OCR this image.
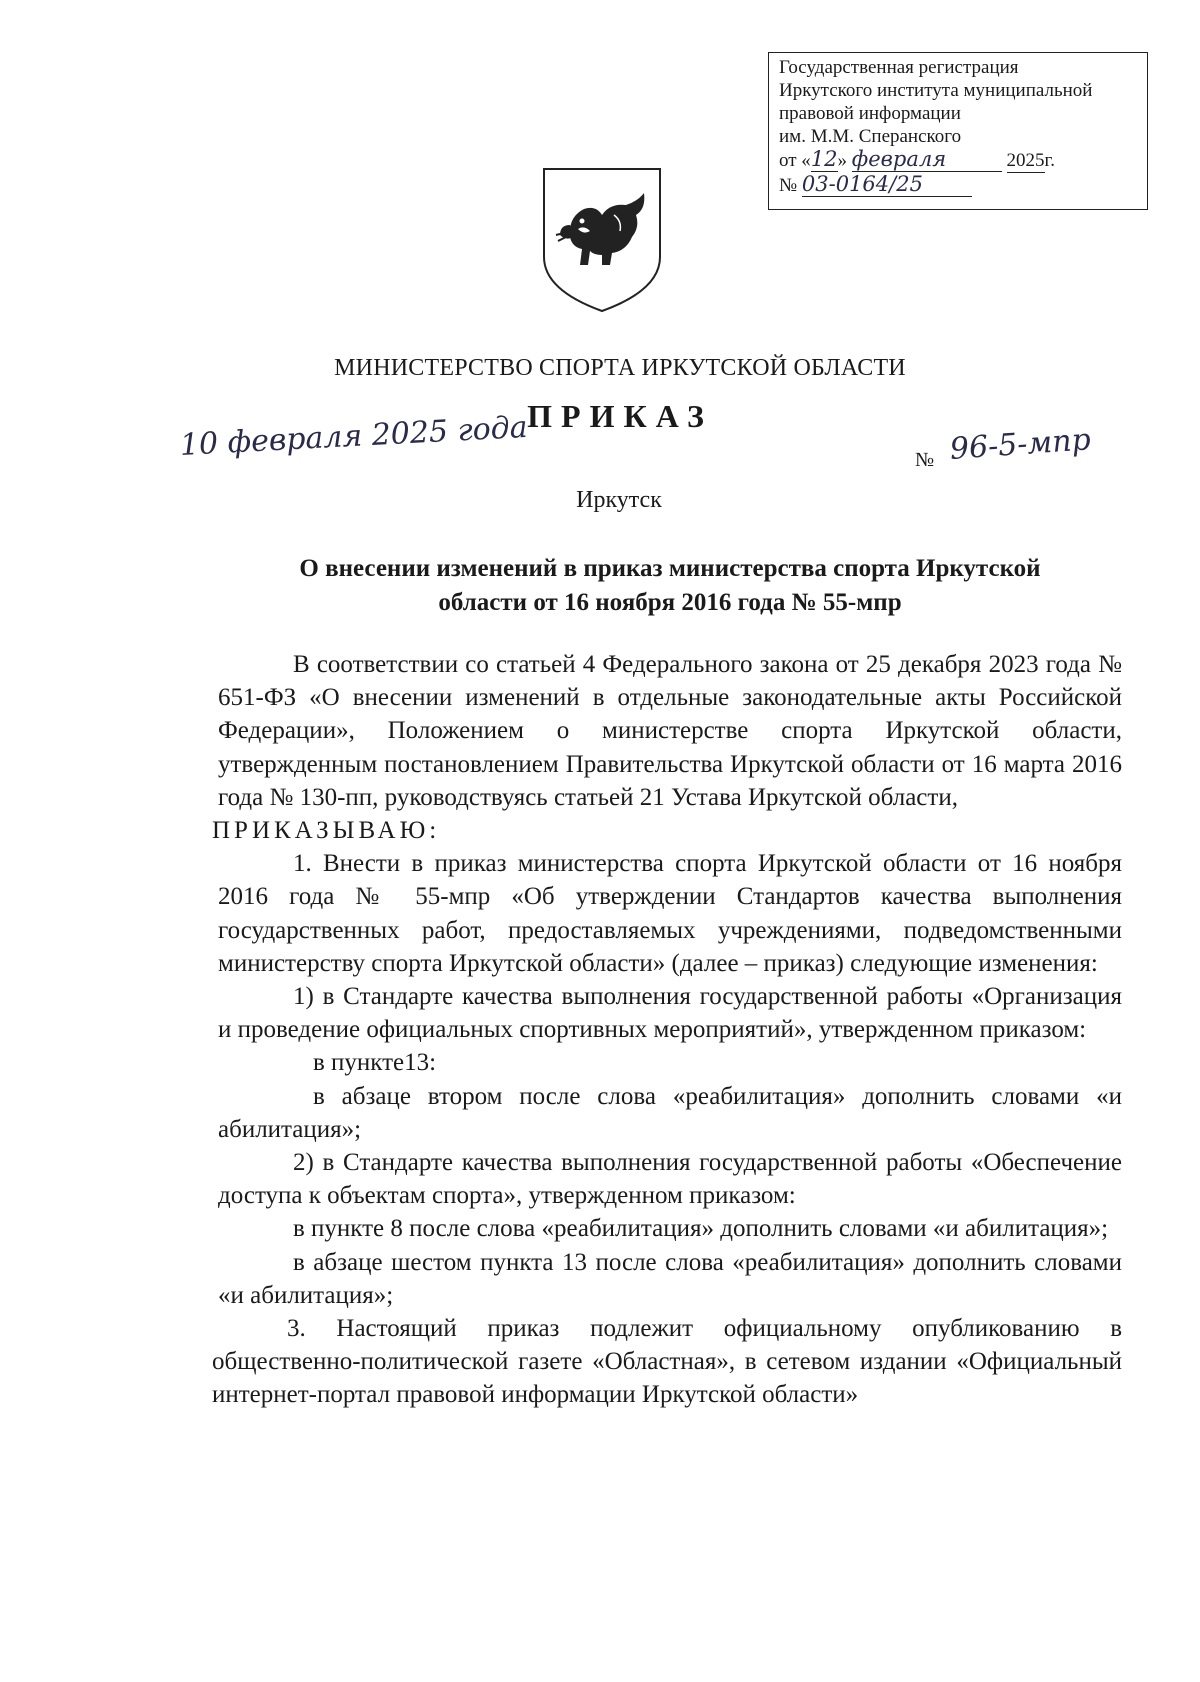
Государственная регистрация
Иркутского института муниципальной
правовой информации
им. М.М. Сперанского
от «12» февраля	2025г.
№ 03-0164/25
МИНИСТЕРСТВО СПОРТА ИРКУТСКОЙ ОБЛАСТИ
ПРИКАЗ
10 февраля 2025 года	№ 96-5-мпр
Иркутск
О внесении изменений в приказ министерства спорта Иркутской
области от 16 ноября 2016 года № 55-мпр

В соответствии со статьей 4 Федерального закона от 25 декабря 2023 года № 651-ФЗ «О внесении изменений в отдельные законодательные акты Российской Федерации», Положением о министерстве спорта Иркутской области, утвержденным постановлением Правительства Иркутской области от 16 марта 2016 года № 130-пп, руководствуясь статьей 21 Устава Иркутской области,

ПРИКАЗЫВАЮ:

1. Внести в приказ министерства спорта Иркутской области от 16 ноября 2016 года № 55-мпр «Об утверждении Стандартов качества выполнения государственных работ, предоставляемых учреждениями, подведомственными министерству спорта Иркутской области» (далее – приказ) следующие изменения:

1) в Стандарте качества выполнения государственной работы «Организация и проведение официальных спортивных мероприятий», утвержденном приказом:

в пункте13:

в абзаце втором после слова «реабилитация» дополнить словами «и абилитация»;

2) в Стандарте качества выполнения государственной работы «Обеспечение доступа к объектам спорта», утвержденном приказом:

в пункте 8 после слова «реабилитация» дополнить словами «и абилитация»;

в абзаце шестом пункта 13 после слова «реабилитация» дополнить словами «и абилитация»;

3. Настоящий приказ подлежит официальному опубликованию в общественно-политической газете «Областная», в сетевом издании «Официальный интернет-портал правовой информации Иркутской области»
